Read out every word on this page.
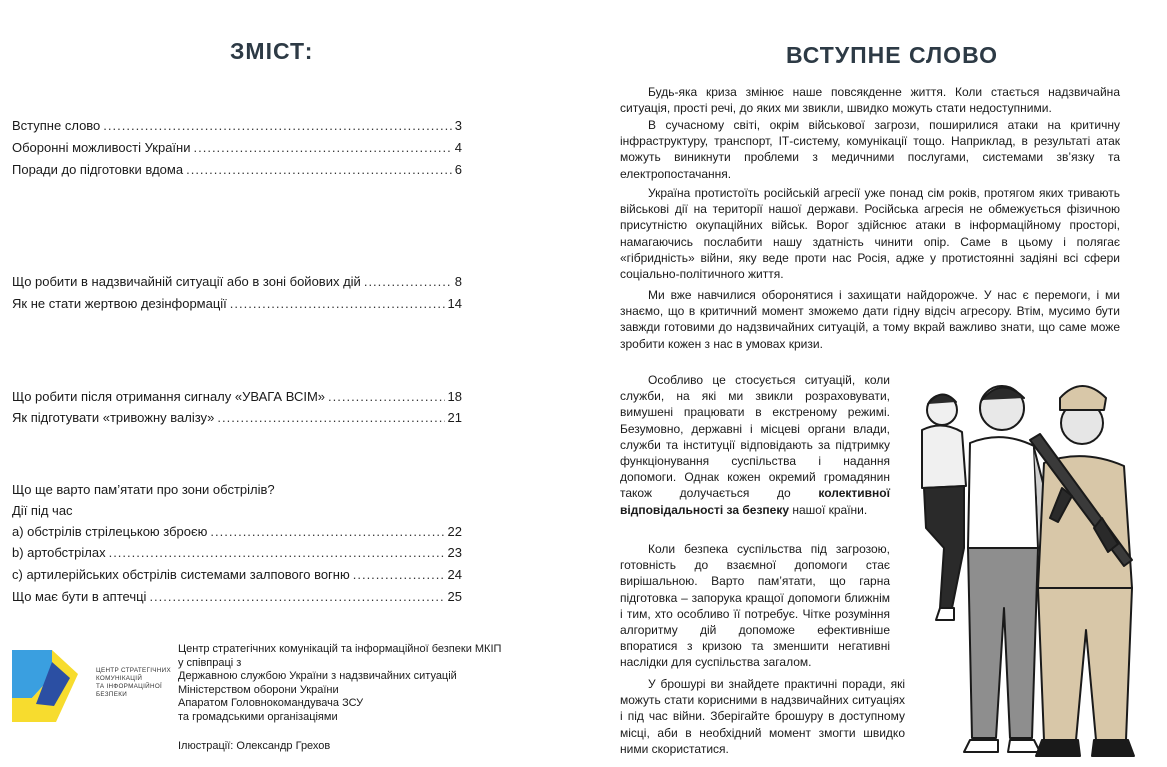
ЗМІСТ:
Вступне слово .....	3
Оборонні можливості України .....	4
Поради до підготовки вдома .....	6
Що робити в надзвичайній ситуації або в зоні бойових дій .....	8
Як не стати жертвою дезінформації .....	14
Що робити після отримання сигналу «УВАГА ВСІМ» .....	18
Як підготувати «тривожну валізу» .....	21
Що ще варто пам’ятати про зони обстрілів?
Дії під час
а) обстрілів стрілецькою зброєю .....	22
b) артобстрілах .....	23
с) артилерійських обстрілів системами залпового вогню .....	24
Що має бути в аптечці .....	25
ЦЕНТР СТРАТЕГІЧНИХ
КОМУНІКАЦІЙ
ТА ІНФОРМАЦІЙНОЇ
БЕЗПЕКИ
Центр стратегічних комунікацій та інформаційної безпеки МКІП
у співпраці з
Державною службою України з надзвичайних ситуацій
Міністерством оборони України
Апаратом Головнокомандувача ЗСУ
та громадськими організаціями
Ілюстрації: Олександр Грехов
ВСТУПНЕ СЛОВО

Будь-яка криза змінює наше повсякденне життя. Коли стається надзвичайна ситуація, прості речі, до яких ми звикли, швидко можуть стати недоступними.

В сучасному світі, окрім військової загрози, поширилися атаки на критичну інфраструктуру, транспорт, ІТ-систему, комунікації тощо. Наприклад, в результаті атак можуть виникнути проблеми з медичними послугами, системами зв’язку та електропостачання.

Україна протистоїть російській агресії уже понад сім років, протягом яких тривають військові дії на території нашої держави. Російська агресія не обмежується фізичною присутністю окупаційних військ. Ворог здійснює атаки в інформаційному просторі, намагаючись послабити нашу здатність чинити опір. Саме в цьому і полягає «гібридність» війни, яку веде проти нас Росія, адже у протистоянні задіяні всі сфери соціально-політичного життя.

Ми вже навчилися оборонятися і захищати найдорожче. У нас є перемоги, і ми знаємо, що в критичний момент зможемо дати гідну відсіч агресору. Втім, мусимо бути завжди готовими до надзвичайних ситуацій, а тому вкрай важливо знати, що саме може зробити кожен з нас в умовах кризи.

Особливо це стосується ситуацій, коли служби, на які ми звикли розраховувати, вимушені працювати в екстреному режимі. Безумовно, державні і місцеві органи влади, служби та інституції відповідають за підтримку функціонування суспільства і надання допомоги. Однак кожен окремий громадянин також долучається до колективної відповідальності за безпеку нашої країни.

Коли безпека суспільства під загрозою, готовність до взаємної допомоги стає вирішальною. Варто пам’ятати, що гарна підготовка – запорука кращої допомоги ближнім і тим, хто особливо її потребує. Чітке розуміння алгоритму дій допоможе ефективніше впоратися з кризою та зменшити негативні наслідки для суспільства загалом.

У брошурі ви знайдете практичні поради, які можуть стати корисними в надзвичайних ситуаціях і під час війни. Зберігайте брошуру в доступному місці, аби в необхідний момент змогти швидко ними скористатися.
